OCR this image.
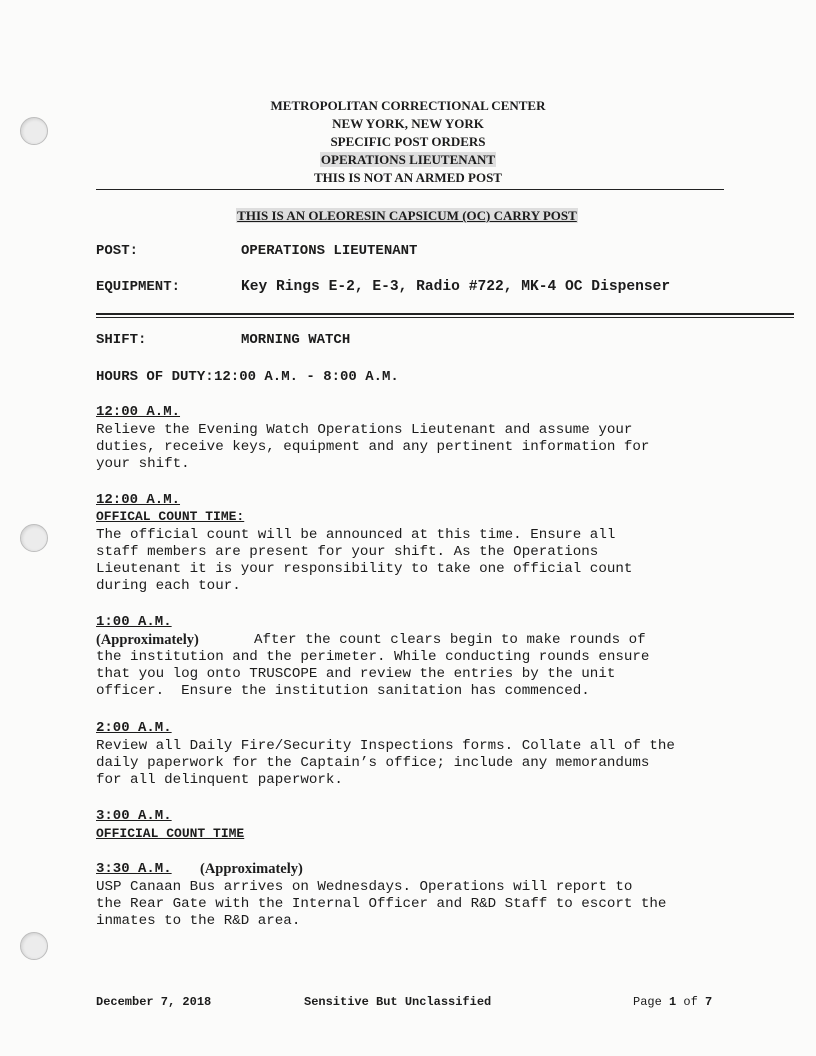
METROPOLITAN CORRECTIONAL CENTER
NEW YORK, NEW YORK
SPECIFIC POST ORDERS
OPERATIONS LIEUTENANT
THIS IS NOT AN ARMED POST
THIS IS AN OLEORESIN CAPSICUM (OC) CARRY POST
POST:	OPERATIONS LIEUTENANT
EQUIPMENT:	Key Rings E-2, E-3, Radio #722, MK-4 OC Dispenser
SHIFT:	MORNING WATCH
HOURS OF DUTY: 12:00 A.M. - 8:00 A.M.
12:00 A.M.
Relieve the Evening Watch Operations Lieutenant and assume your
duties, receive keys, equipment and any pertinent information for
your shift.
12:00 A.M.
OFFICAL COUNT TIME:
The official count will be announced at this time. Ensure all
staff members are present for your shift. As the Operations
Lieutenant it is your responsibility to take one official count
during each tour.
1:00 A.M.
(Approximately)	After the count clears begin to make rounds of
the institution and the perimeter. While conducting rounds ensure
that you log onto TRUSCOPE and review the entries by the unit
officer.  Ensure the institution sanitation has commenced.
2:00 A.M.
Review all Daily Fire/Security Inspections forms. Collate all of the
daily paperwork for the Captain’s office; include any memorandums
for all delinquent paperwork.
3:00 A.M.
OFFICIAL COUNT TIME
3:30 A.M. (Approximately)
USP Canaan Bus arrives on Wednesdays. Operations will report to
the Rear Gate with the Internal Officer and R&D Staff to escort the
inmates to the R&D area.
December 7, 2018	Sensitive But Unclassified	Page 1 of 7
